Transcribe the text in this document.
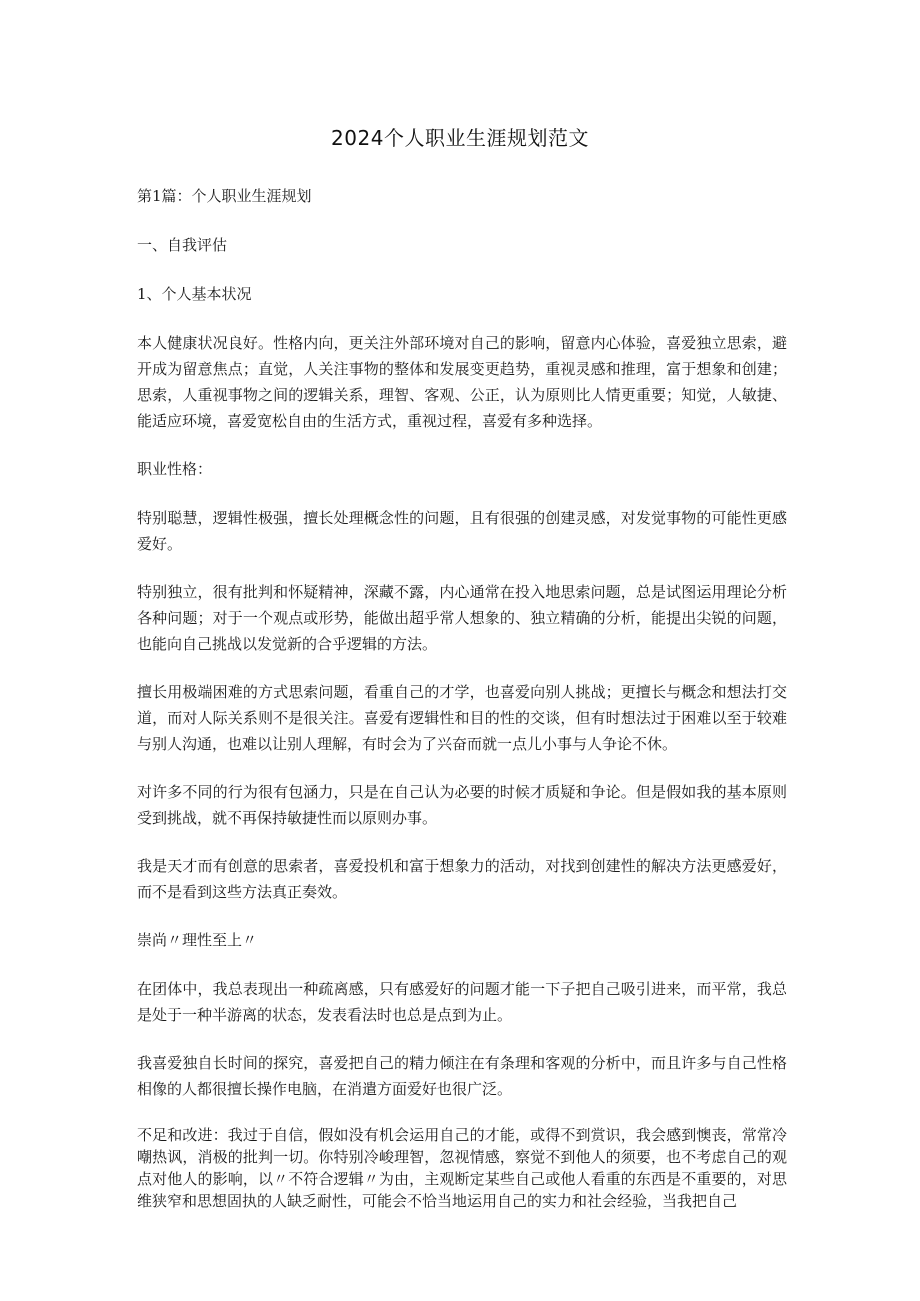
2024个人职业生涯规划范文

第1篇：个人职业生涯规划

一、自我评估

1、个人基本状况

本人健康状况良好。性格内向，更关注外部环境对自己的影响，留意内心体验，喜爱独立思索，避开成为留意焦点；直觉，人关注事物的整体和发展变更趋势，重视灵感和推理，富于想象和创建；思索，人重视事物之间的逻辑关系，理智、客观、公正，认为原则比人情更重要；知觉，人敏捷、能适应环境，喜爱宽松自由的生活方式，重视过程，喜爱有多种选择。

职业性格：

特别聪慧，逻辑性极强，擅长处理概念性的问题，且有很强的创建灵感，对发觉事物的可能性更感爱好。

特别独立，很有批判和怀疑精神，深藏不露，内心通常在投入地思索问题，总是试图运用理论分析各种问题；对于一个观点或形势，能做出超乎常人想象的、独立精确的分析，能提出尖锐的问题，也能向自己挑战以发觉新的合乎逻辑的方法。

擅长用极端困难的方式思索问题，看重自己的才学，也喜爱向别人挑战；更擅长与概念和想法打交道，而对人际关系则不是很关注。喜爱有逻辑性和目的性的交谈，但有时想法过于困难以至于较难与别人沟通，也难以让别人理解，有时会为了兴奋而就一点儿小事与人争论不休。

对许多不同的行为很有包涵力，只是在自己认为必要的时候才质疑和争论。但是假如我的基本原则受到挑战，就不再保持敏捷性而以原则办事。

我是天才而有创意的思索者，喜爱投机和富于想象力的活动，对找到创建性的解决方法更感爱好，而不是看到这些方法真正奏效。

崇尚〃理性至上〃

在团体中，我总表现出一种疏离感，只有感爱好的问题才能一下子把自己吸引进来，而平常，我总是处于一种半游离的状态，发表看法时也总是点到为止。

我喜爱独自长时间的探究，喜爱把自己的精力倾注在有条理和客观的分析中，而且许多与自己性格相像的人都很擅长操作电脑，在消遣方面爱好也很广泛。

不足和改进：我过于自信，假如没有机会运用自己的才能，或得不到赏识，我会感到懊丧，常常冷嘲热讽，消极的批判一切。你特别冷峻理智，忽视情感，察觉不到他人的须要，也不考虑自己的观点对他人的影响，以〃不符合逻辑〃为由，主观断定某些自己或他人看重的东西是不重要的，对思维狭窄和思想固执的人缺乏耐性，可能会不恰当地运用自己的实力和社会经验，当我把自己
